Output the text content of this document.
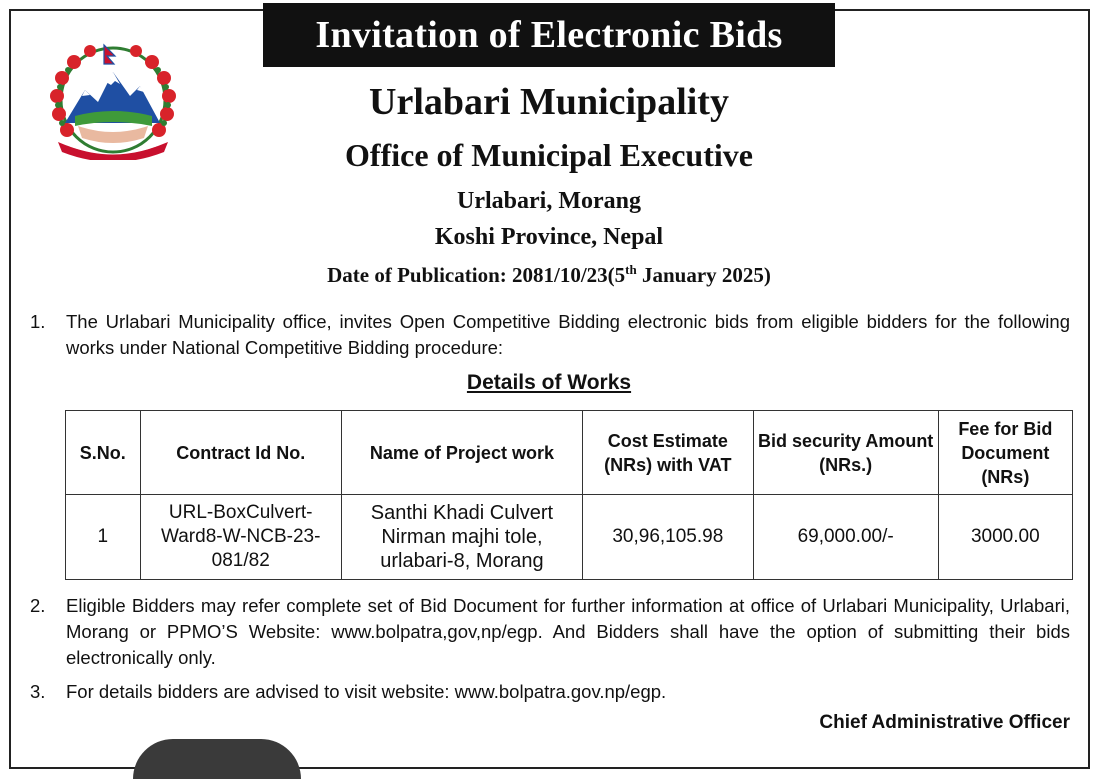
Invitation of Electronic Bids
Urlabari Municipality
Office of Municipal Executive
Urlabari, Morang
Koshi Province, Nepal
Date of Publication: 2081/10/23(5th January 2025)
1. The Urlabari Municipality office, invites Open Competitive Bidding electronic bids from eligible bidders for the following works under National Competitive Bidding procedure:
Details of Works
S.No.	Contract Id No.	Name of Project work	Cost Estimate (NRs) with VAT	Bid security Amount (NRs.)	Fee for Bid Document (NRs)
1	URL-BoxCulvert-Ward8-W-NCB-23-081/82	Santhi Khadi Culvert Nirman majhi tole, urlabari-8, Morang	30,96,105.98	69,000.00/-	3000.00
2. Eligible Bidders may refer complete set of Bid Document for further information at office of Urlabari Municipality, Urlabari, Morang or PPMO’S Website: www.bolpatra,gov,np/egp. And Bidders shall have the option of submitting their bids electronically only.
3. For details bidders are advised to visit website: www.bolpatra.gov.np/egp.
Chief Administrative Officer
